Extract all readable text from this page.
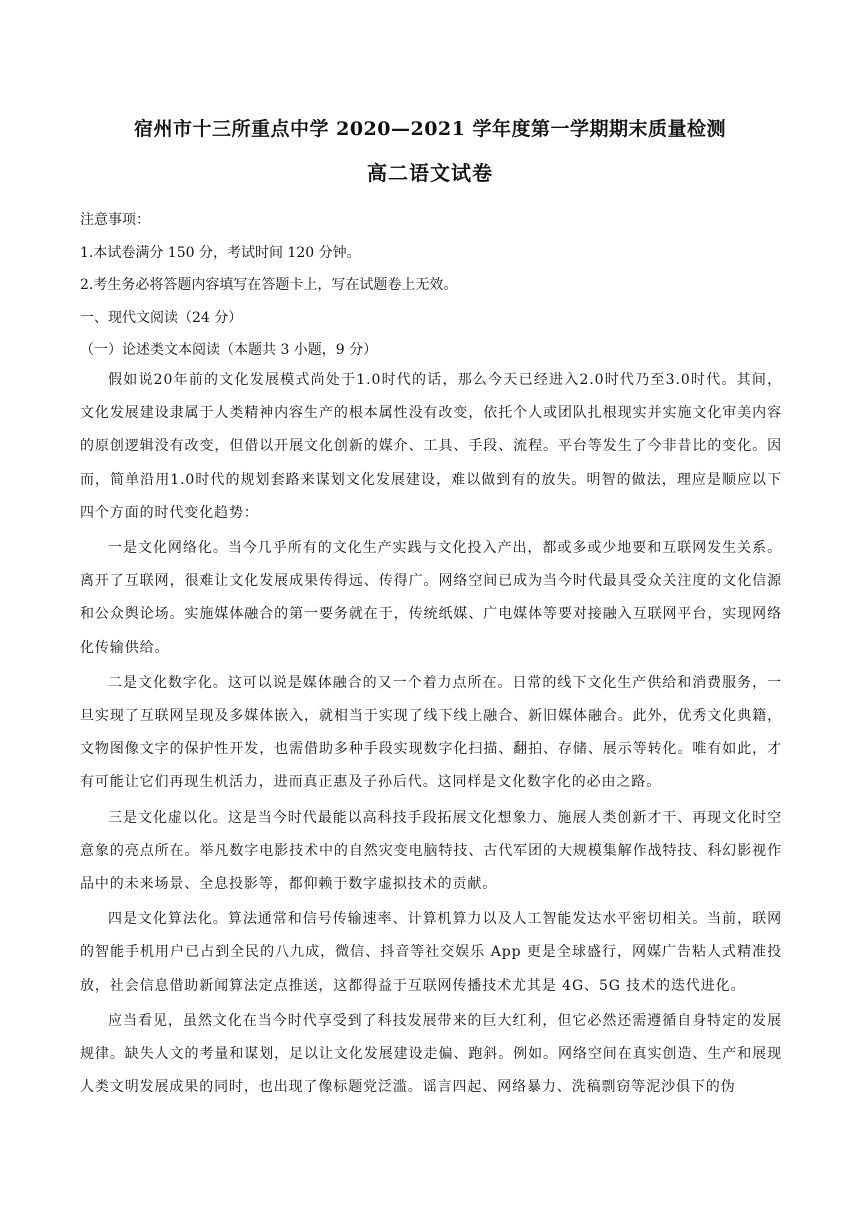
宿州市十三所重点中学 2020—2021 学年度第一学期期末质量检测
高二语文试卷
注意事项：
1.本试卷满分 150 分，考试时间 120 分钟。
2.考生务必将答题内容填写在答题卡上，写在试题卷上无效。
一、现代文阅读（24 分）
（一）论述类文本阅读（本题共 3 小题，9 分）

假如说20年前的文化发展模式尚处于1.0时代的话，那么今天已经进入2.0时代乃至3.0时代。其间，文化发展建设隶属于人类精神内容生产的根本属性没有改变，依托个人或团队扎根现实并实施文化审美内容的原创逻辑没有改变，但借以开展文化创新的媒介、工具、手段、流程。平台等发生了今非昔比的变化。因而，简单沿用1.0时代的规划套路来谋划文化发展建设，难以做到有的放失。明智的做法，理应是顺应以下四个方面的时代变化趋势：

一是文化网络化。当今几乎所有的文化生产实践与文化投入产出，都或多或少地要和互联网发生关系。离开了互联网，很难让文化发展成果传得远、传得广。网络空间已成为当今时代最具受众关注度的文化信源和公众舆论场。实施媒体融合的第一要务就在于，传统纸媒、广电媒体等要对接融入互联网平台，实现网络化传输供给。

二是文化数字化。这可以说是媒体融合的又一个着力点所在。日常的线下文化生产供给和消费服务，一旦实现了互联网呈现及多媒体嵌入，就相当于实现了线下线上融合、新旧媒体融合。此外，优秀文化典籍，文物图像文字的保护性开发，也需借助多种手段实现数字化扫描、翻拍、存储、展示等转化。唯有如此，才有可能让它们再现生机活力，进而真正惠及子孙后代。这同样是文化数字化的必由之路。

三是文化虚以化。这是当今时代最能以高科技手段拓展文化想象力、施展人类创新才干、再现文化时空意象的亮点所在。举凡数字电影技术中的自然灾变电脑特技、古代军团的大规模集解作战特技、科幻影视作品中的未来场景、全息投影等，都仰赖于数字虚拟技术的贡献。

四是文化算法化。算法通常和信号传输速率、计算机算力以及人工智能发达水平密切相关。当前，联网的智能手机用户已占到全民的八九成，微信、抖音等社交娱乐 App 更是全球盛行，网媒广告粘人式精准投放，社会信息借助新闻算法定点推送，这都得益于互联网传播技术尤其是 4G、5G 技术的迭代进化。

应当看见，虽然文化在当今时代享受到了科技发展带来的巨大红利，但它必然还需遵循自身特定的发展规律。缺失人文的考量和谋划，足以让文化发展建设走偏、跑斜。例如。网络空间在真实创造、生产和展现人类文明发展成果的同时，也出现了像标题党泛滥。谣言四起、网络暴力、洗稿剽窃等泥沙俱下的伪
